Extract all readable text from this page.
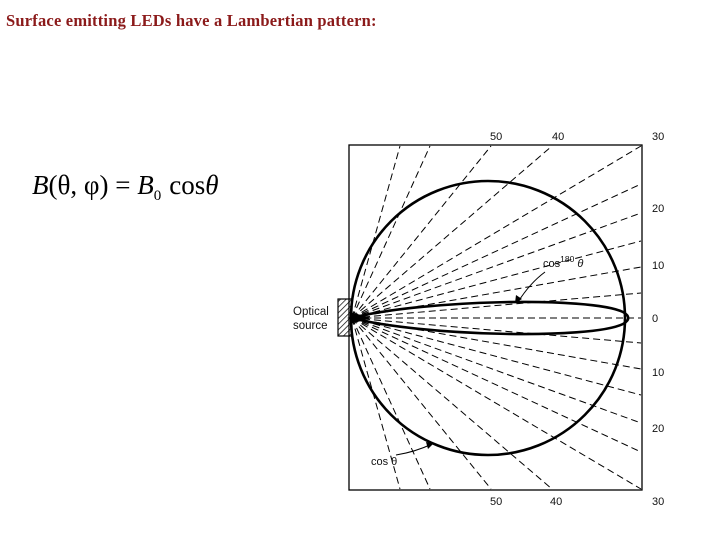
Surface emitting LEDs have a Lambertian pattern:
B(θ, $\varphi) = B_0$ cosθ
Optical
source
$\cos^{180} \theta$
cos θ
50	40	30
20
10
0
10
20
30
50	40
